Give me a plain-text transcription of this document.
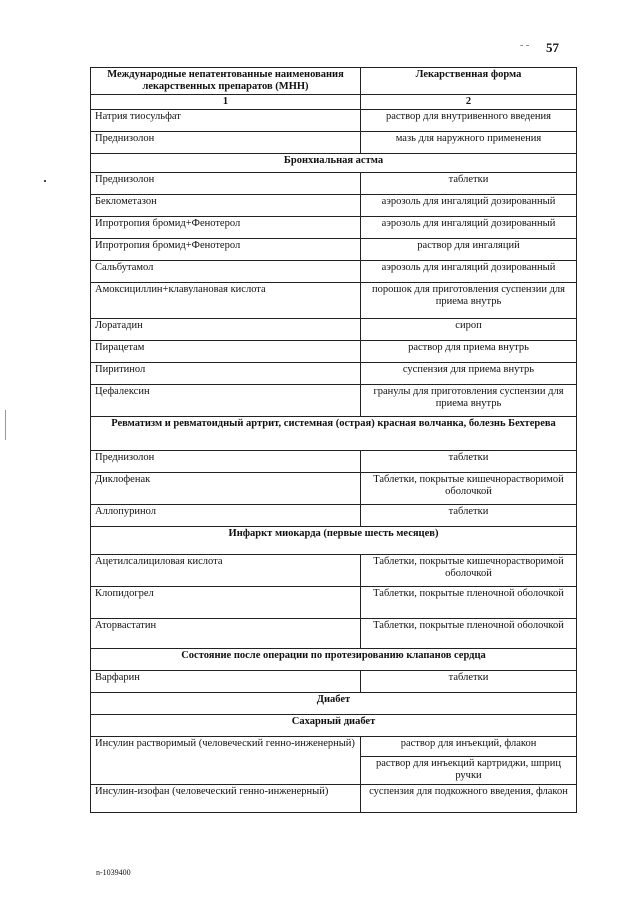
- - 57
Международные непатентованные наименования лекарственных препаратов (МНН)	Лекарственная форма
1	2
Натрия тиосульфат	раствор для внутривенного введения
Преднизолон	мазь для наружного применения
Бронхиальная астма	
Преднизолон	таблетки
Беклометазон	аэрозоль для ингаляций дозированный
Ипротропия бромид+Фенотерол	аэрозоль для ингаляций дозированный
Ипротропия бромид+Фенотерол	раствор для ингаляций
Сальбутамол	аэрозоль для ингаляций дозированный
Амоксициллин+клавулановая кислота	порошок для приготовления суспензии для приема внутрь
Лоратадин	сироп
Пирацетам	раствор для приема внутрь
Пиритинол	суспензия для приема внутрь
Цефалексин	гранулы для приготовления суспензии для приема внутрь
Ревматизм и ревматоидный артрит, системная (острая) красная волчанка, болезнь Бехтерева	
Преднизолон	таблетки
Диклофенак	Таблетки, покрытые кишечнорастворимой оболочкой
Аллопуринол	таблетки
Инфаркт миокарда (первые шесть месяцев)	
Ацетилсалициловая кислота	Таблетки, покрытые кишечнорастворимой оболочкой
Клопидогрел	Таблетки, покрытые пленочной оболочкой
Аторвастатин	Таблетки, покрытые пленочной оболочкой
Состояние после операции по протезированию клапанов сердца	
Варфарин	таблетки
Диабет	
Сахарный диабет	
Инсулин растворимый (человеческий генно-инженерный)	раствор для инъекций, флакон
	раствор для инъекций картриджи, шприц ручки
Инсулин-изофан (человеческий генно-инженерный)	суспензия для подкожного введения, флакон
n-1039400
